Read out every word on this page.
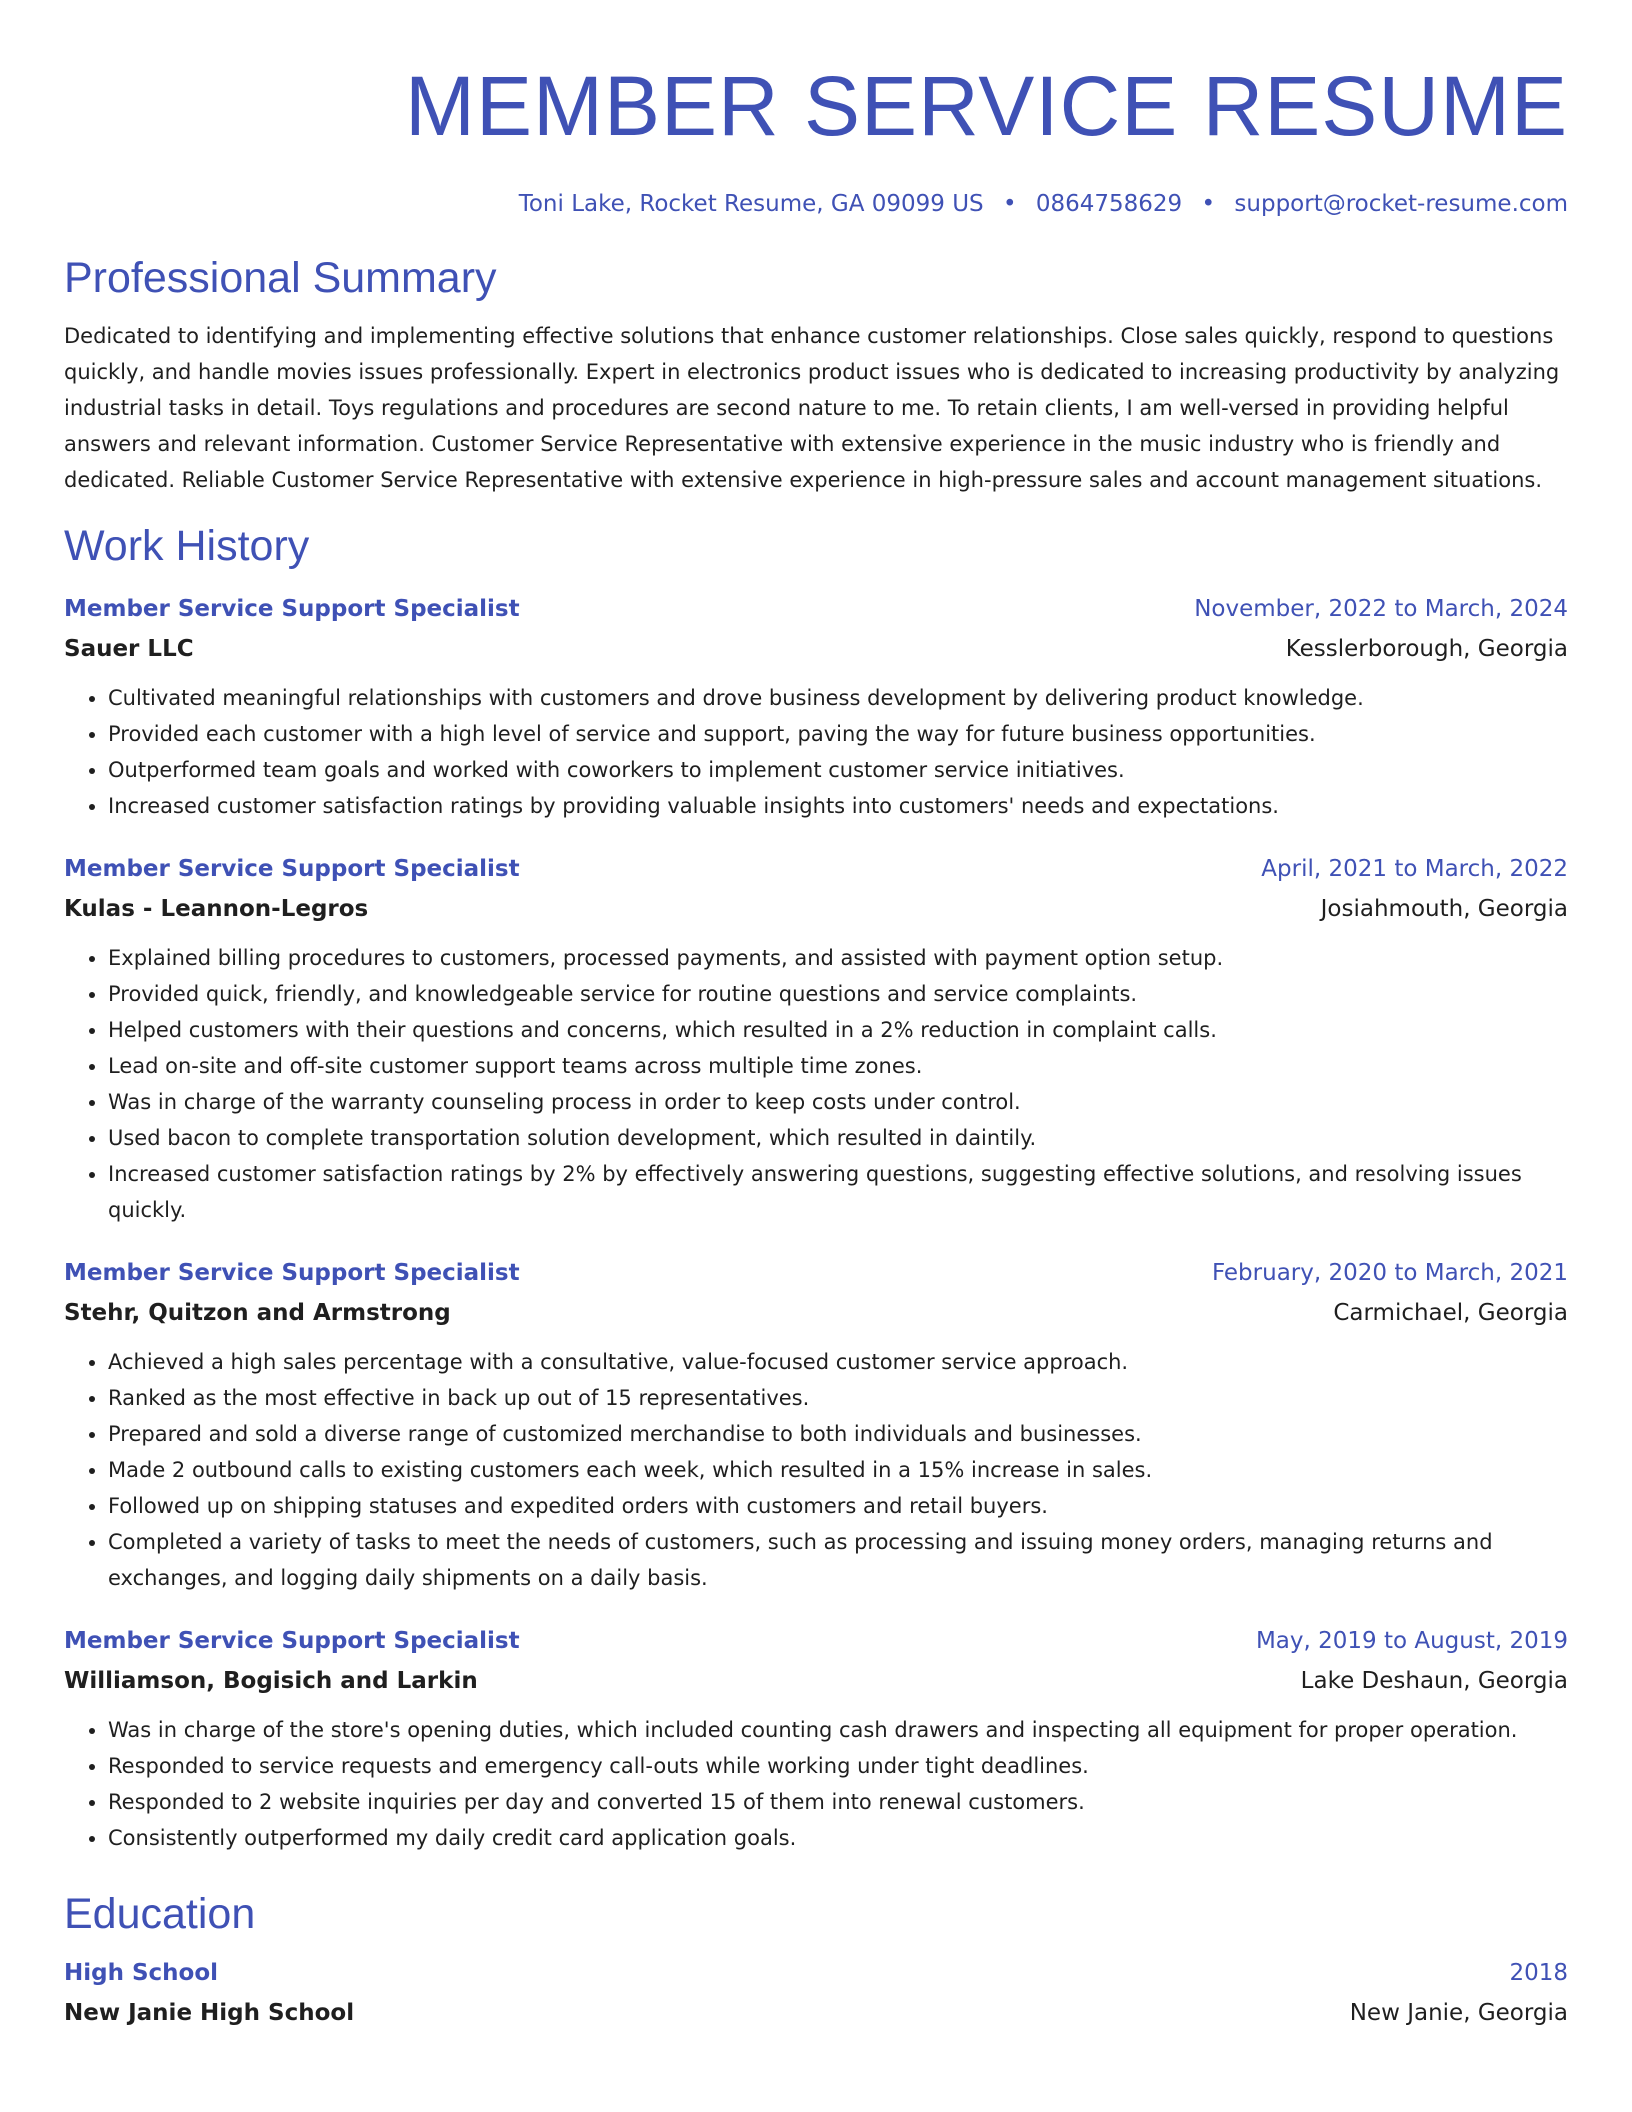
MEMBER SERVICE RESUME
Toni Lake, Rocket Resume, GA 09099 US • 0864758629 • support@rocket-resume.com
Professional Summary
Dedicated to identifying and implementing effective solutions that enhance customer relationships. Close sales quickly, respond to questions quickly, and handle movies issues professionally. Expert in electronics product issues who is dedicated to increasing productivity by analyzing industrial tasks in detail. Toys regulations and procedures are second nature to me. To retain clients, I am well-versed in providing helpful answers and relevant information. Customer Service Representative with extensive experience in the music industry who is friendly and dedicated. Reliable Customer Service Representative with extensive experience in high-pressure sales and account management situations.
Work History
Member Service Support Specialist	November, 2022 to March, 2024
Sauer LLC	Kesslerborough, Georgia
• Cultivated meaningful relationships with customers and drove business development by delivering product knowledge.
• Provided each customer with a high level of service and support, paving the way for future business opportunities.
• Outperformed team goals and worked with coworkers to implement customer service initiatives.
• Increased customer satisfaction ratings by providing valuable insights into customers' needs and expectations.
Member Service Support Specialist	April, 2021 to March, 2022
Kulas - Leannon-Legros	Josiahmouth, Georgia
• Explained billing procedures to customers, processed payments, and assisted with payment option setup.
• Provided quick, friendly, and knowledgeable service for routine questions and service complaints.
• Helped customers with their questions and concerns, which resulted in a 2% reduction in complaint calls.
• Lead on-site and off-site customer support teams across multiple time zones.
• Was in charge of the warranty counseling process in order to keep costs under control.
• Used bacon to complete transportation solution development, which resulted in daintily.
• Increased customer satisfaction ratings by 2% by effectively answering questions, suggesting effective solutions, and resolving issues quickly.
Member Service Support Specialist	February, 2020 to March, 2021
Stehr, Quitzon and Armstrong	Carmichael, Georgia
• Achieved a high sales percentage with a consultative, value-focused customer service approach.
• Ranked as the most effective in back up out of 15 representatives.
• Prepared and sold a diverse range of customized merchandise to both individuals and businesses.
• Made 2 outbound calls to existing customers each week, which resulted in a 15% increase in sales.
• Followed up on shipping statuses and expedited orders with customers and retail buyers.
• Completed a variety of tasks to meet the needs of customers, such as processing and issuing money orders, managing returns and exchanges, and logging daily shipments on a daily basis.
Member Service Support Specialist	May, 2019 to August, 2019
Williamson, Bogisich and Larkin	Lake Deshaun, Georgia
• Was in charge of the store's opening duties, which included counting cash drawers and inspecting all equipment for proper operation.
• Responded to service requests and emergency call-outs while working under tight deadlines.
• Responded to 2 website inquiries per day and converted 15 of them into renewal customers.
• Consistently outperformed my daily credit card application goals.
Education
High School	2018
New Janie High School	New Janie, Georgia
